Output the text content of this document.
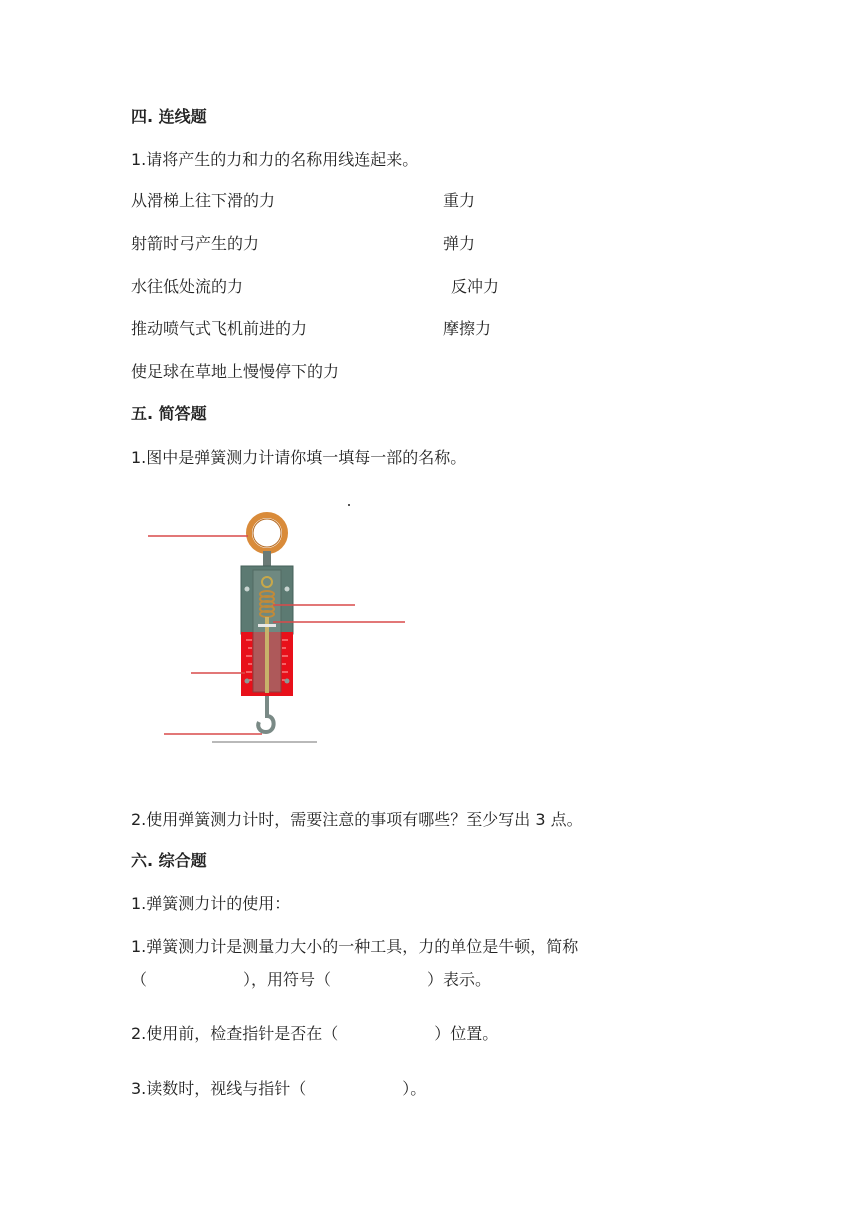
四. 连线题
1.请将产生的力和力的名称用线连起来。
从滑梯上往下滑的力
射箭时弓产生的力
水往低处流的力
推动喷气式飞机前进的力
使足球在草地上慢慢停下的力
重力
弹力
反冲力
摩擦力
五. 简答题
1.图中是弹簧测力计请你填一填每一部的名称。
2.使用弹簧测力计时，需要注意的事项有哪些？至少写出 3 点。
六. 综合题
1.弹簧测力计的使用：
1.弹簧测力计是测量力大小的一种工具，力的单位是牛顿，简称
（　　　　　　），用符号（　　　　　　）表示。
2.使用前，检查指针是否在（　　　　　　）位置。
3.读数时，视线与指针（　　　　　　）。
